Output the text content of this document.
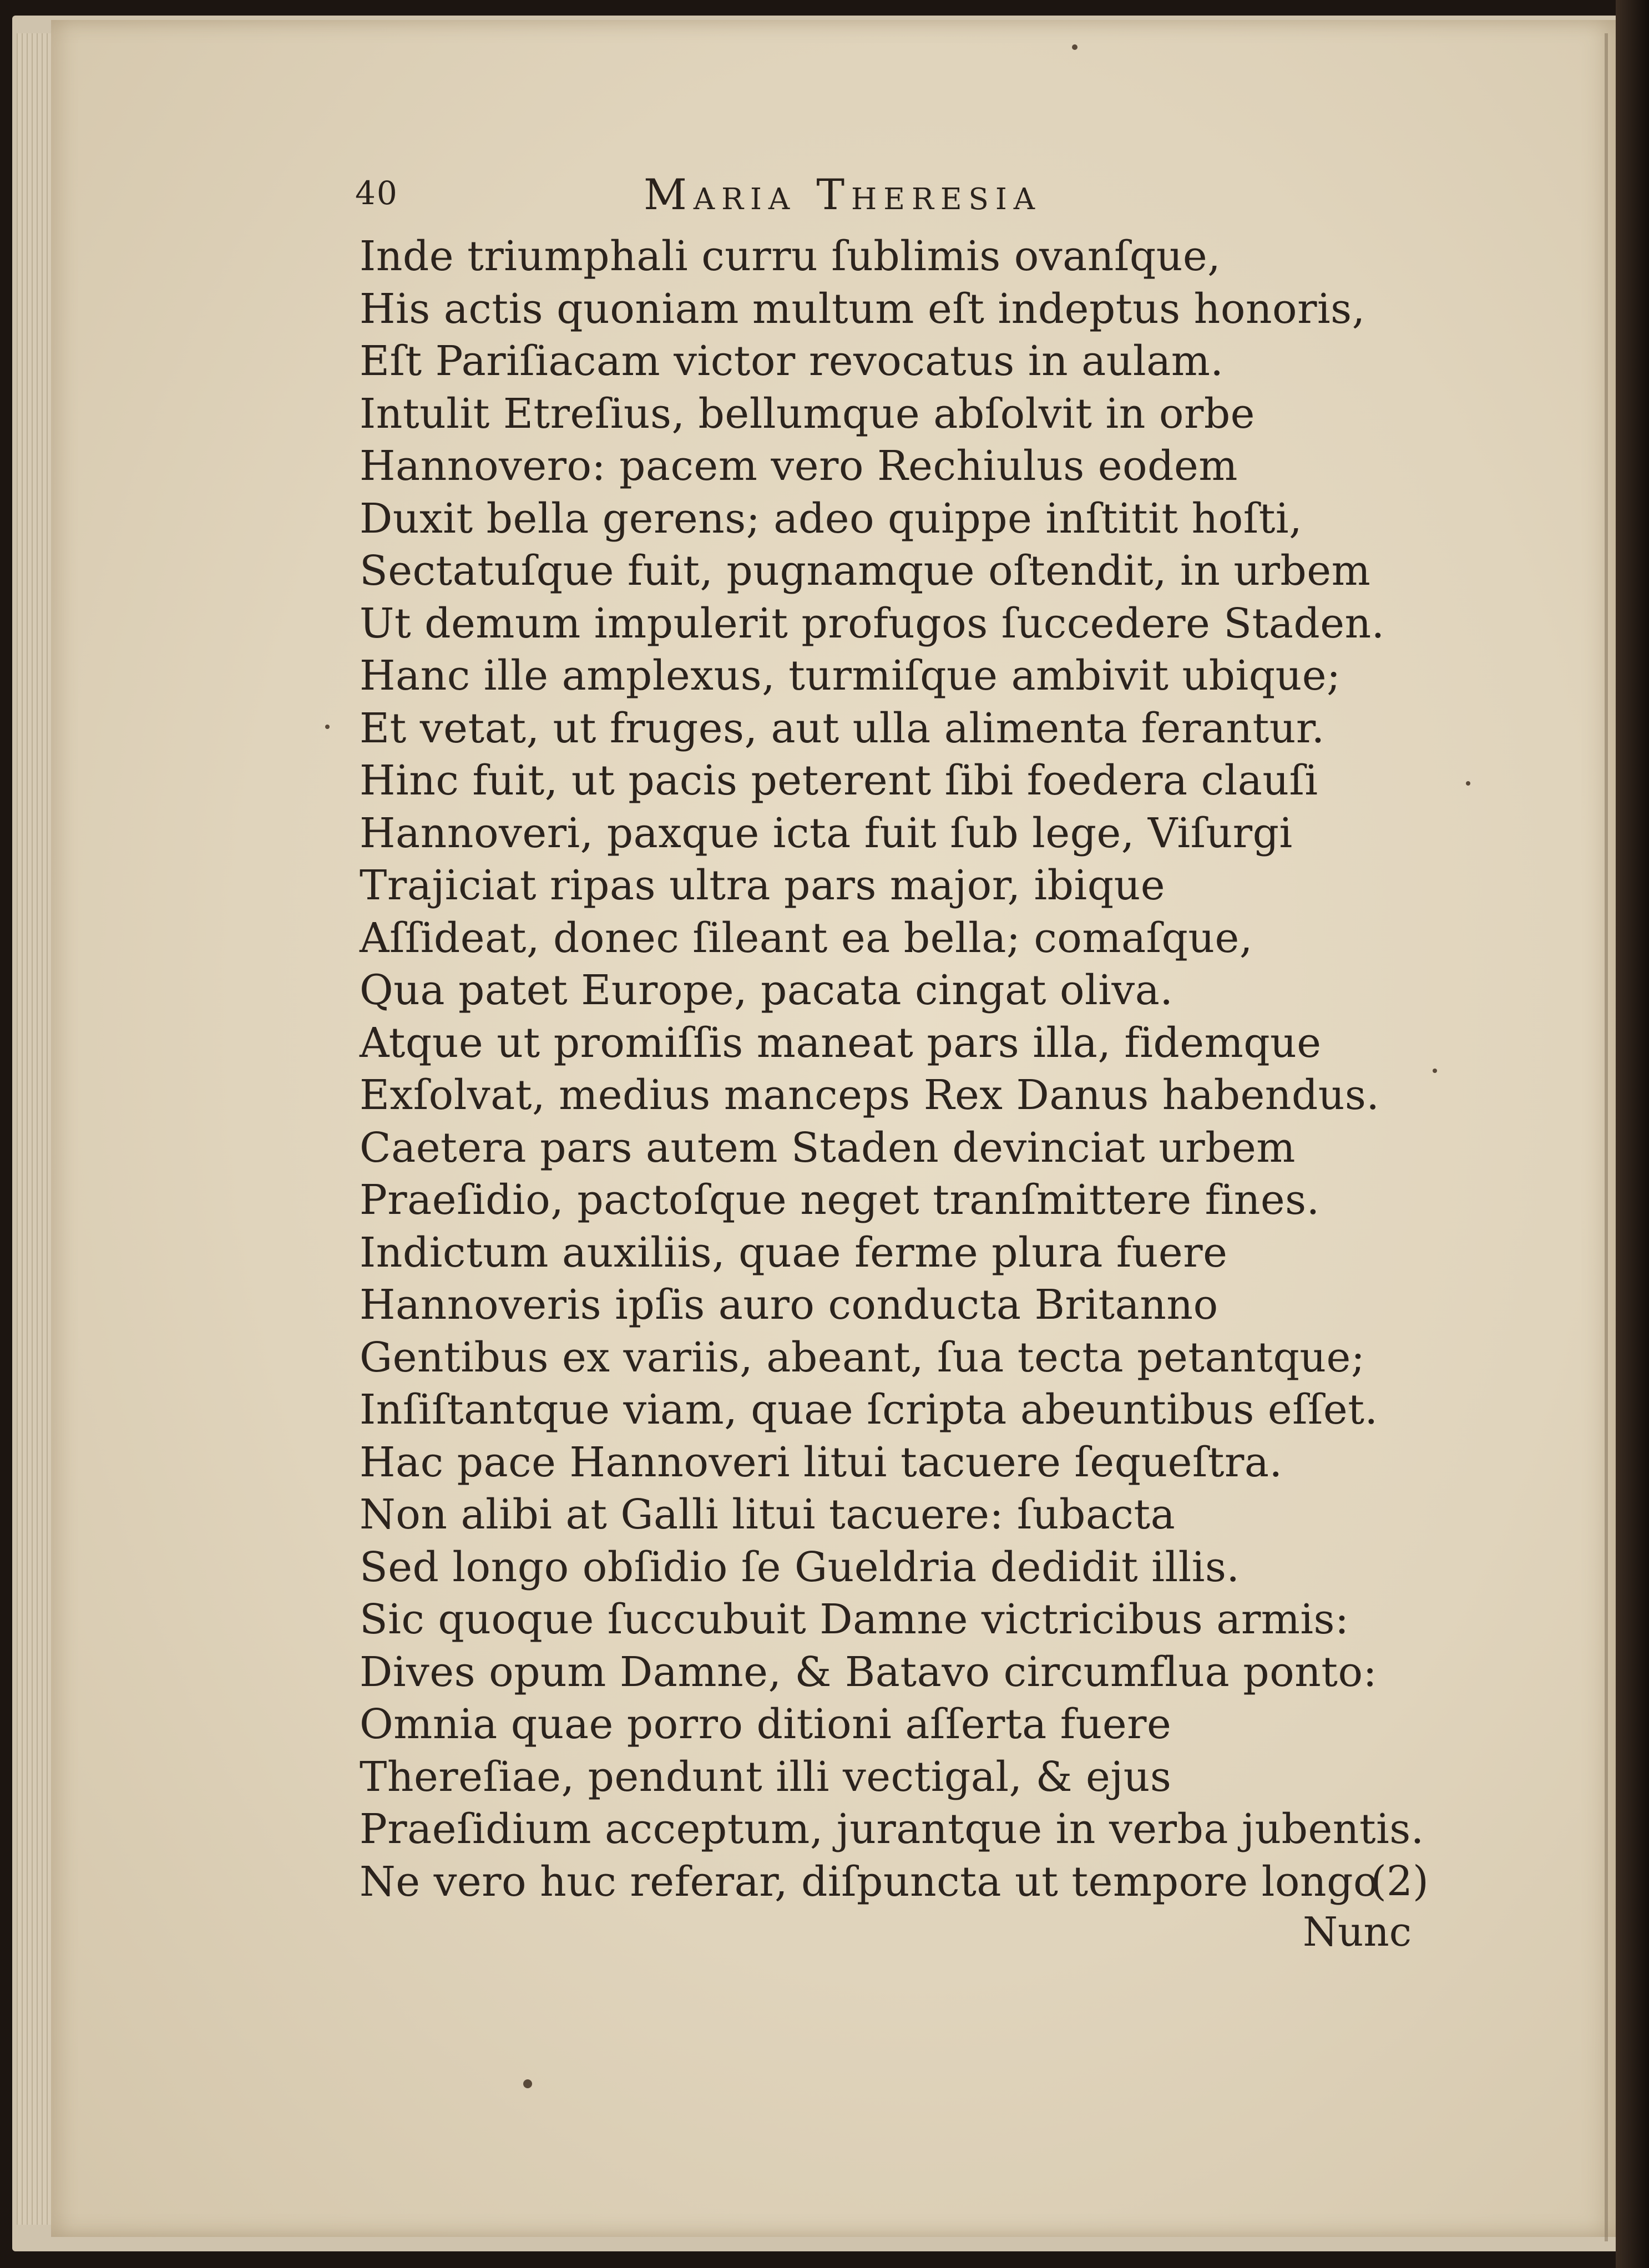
40	Maria Theresia
Inde triumphali curru ſublimis ovanſque,
His actis quoniam multum eſt indeptus honoris,
Eſt Pariſiacam victor revocatus in aulam.
Intulit Etreſius, bellumque abſolvit in orbe
Hannovero: pacem vero Rechiulus eodem
Duxit bella gerens; adeo quippe inſtitit hoſti,
Sectatuſque fuit, pugnamque oſtendit, in urbem
Ut demum impulerit profugos ſuccedere Staden.
Hanc ille amplexus, turmiſque ambivit ubique;
Et vetat, ut fruges, aut ulla alimenta ferantur.
Hinc fuit, ut pacis peterent ſibi foedera clauſi
Hannoveri, paxque icta fuit ſub lege, Viſurgi
Trajiciat ripas ultra pars major, ibique
Aſſideat, donec ſileant ea bella; comaſque,
Qua patet Europe, pacata cingat oliva.
Atque ut promiſſis maneat pars illa, fidemque
Exſolvat, medius manceps Rex Danus habendus.
Caetera pars autem Staden devinciat urbem
Praeſidio, pactoſque neget tranſmittere fines.
Indictum auxiliis, quae ferme plura fuere
Hannoveris ipſis auro conducta Britanno
Gentibus ex variis, abeant, ſua tecta petantque;
Inſiſtantque viam, quae ſcripta abeuntibus eſſet.
Hac pace Hannoveri litui tacuere ſequeſtra.
Non alibi at Galli litui tacuere: ſubacta
Sed longo obſidio ſe Gueldria dedidit illis.
Sic quoque ſuccubuit Damne victricibus armis:
Dives opum Damne, & Batavo circumflua ponto:
Omnia quae porro ditioni aſſerta fuere
Thereſiae, pendunt illi vectigal, & ejus
Praeſidium acceptum, jurantque in verba jubentis.
Ne vero huc referar, diſpuncta ut tempore longo
(2)
Nunc
